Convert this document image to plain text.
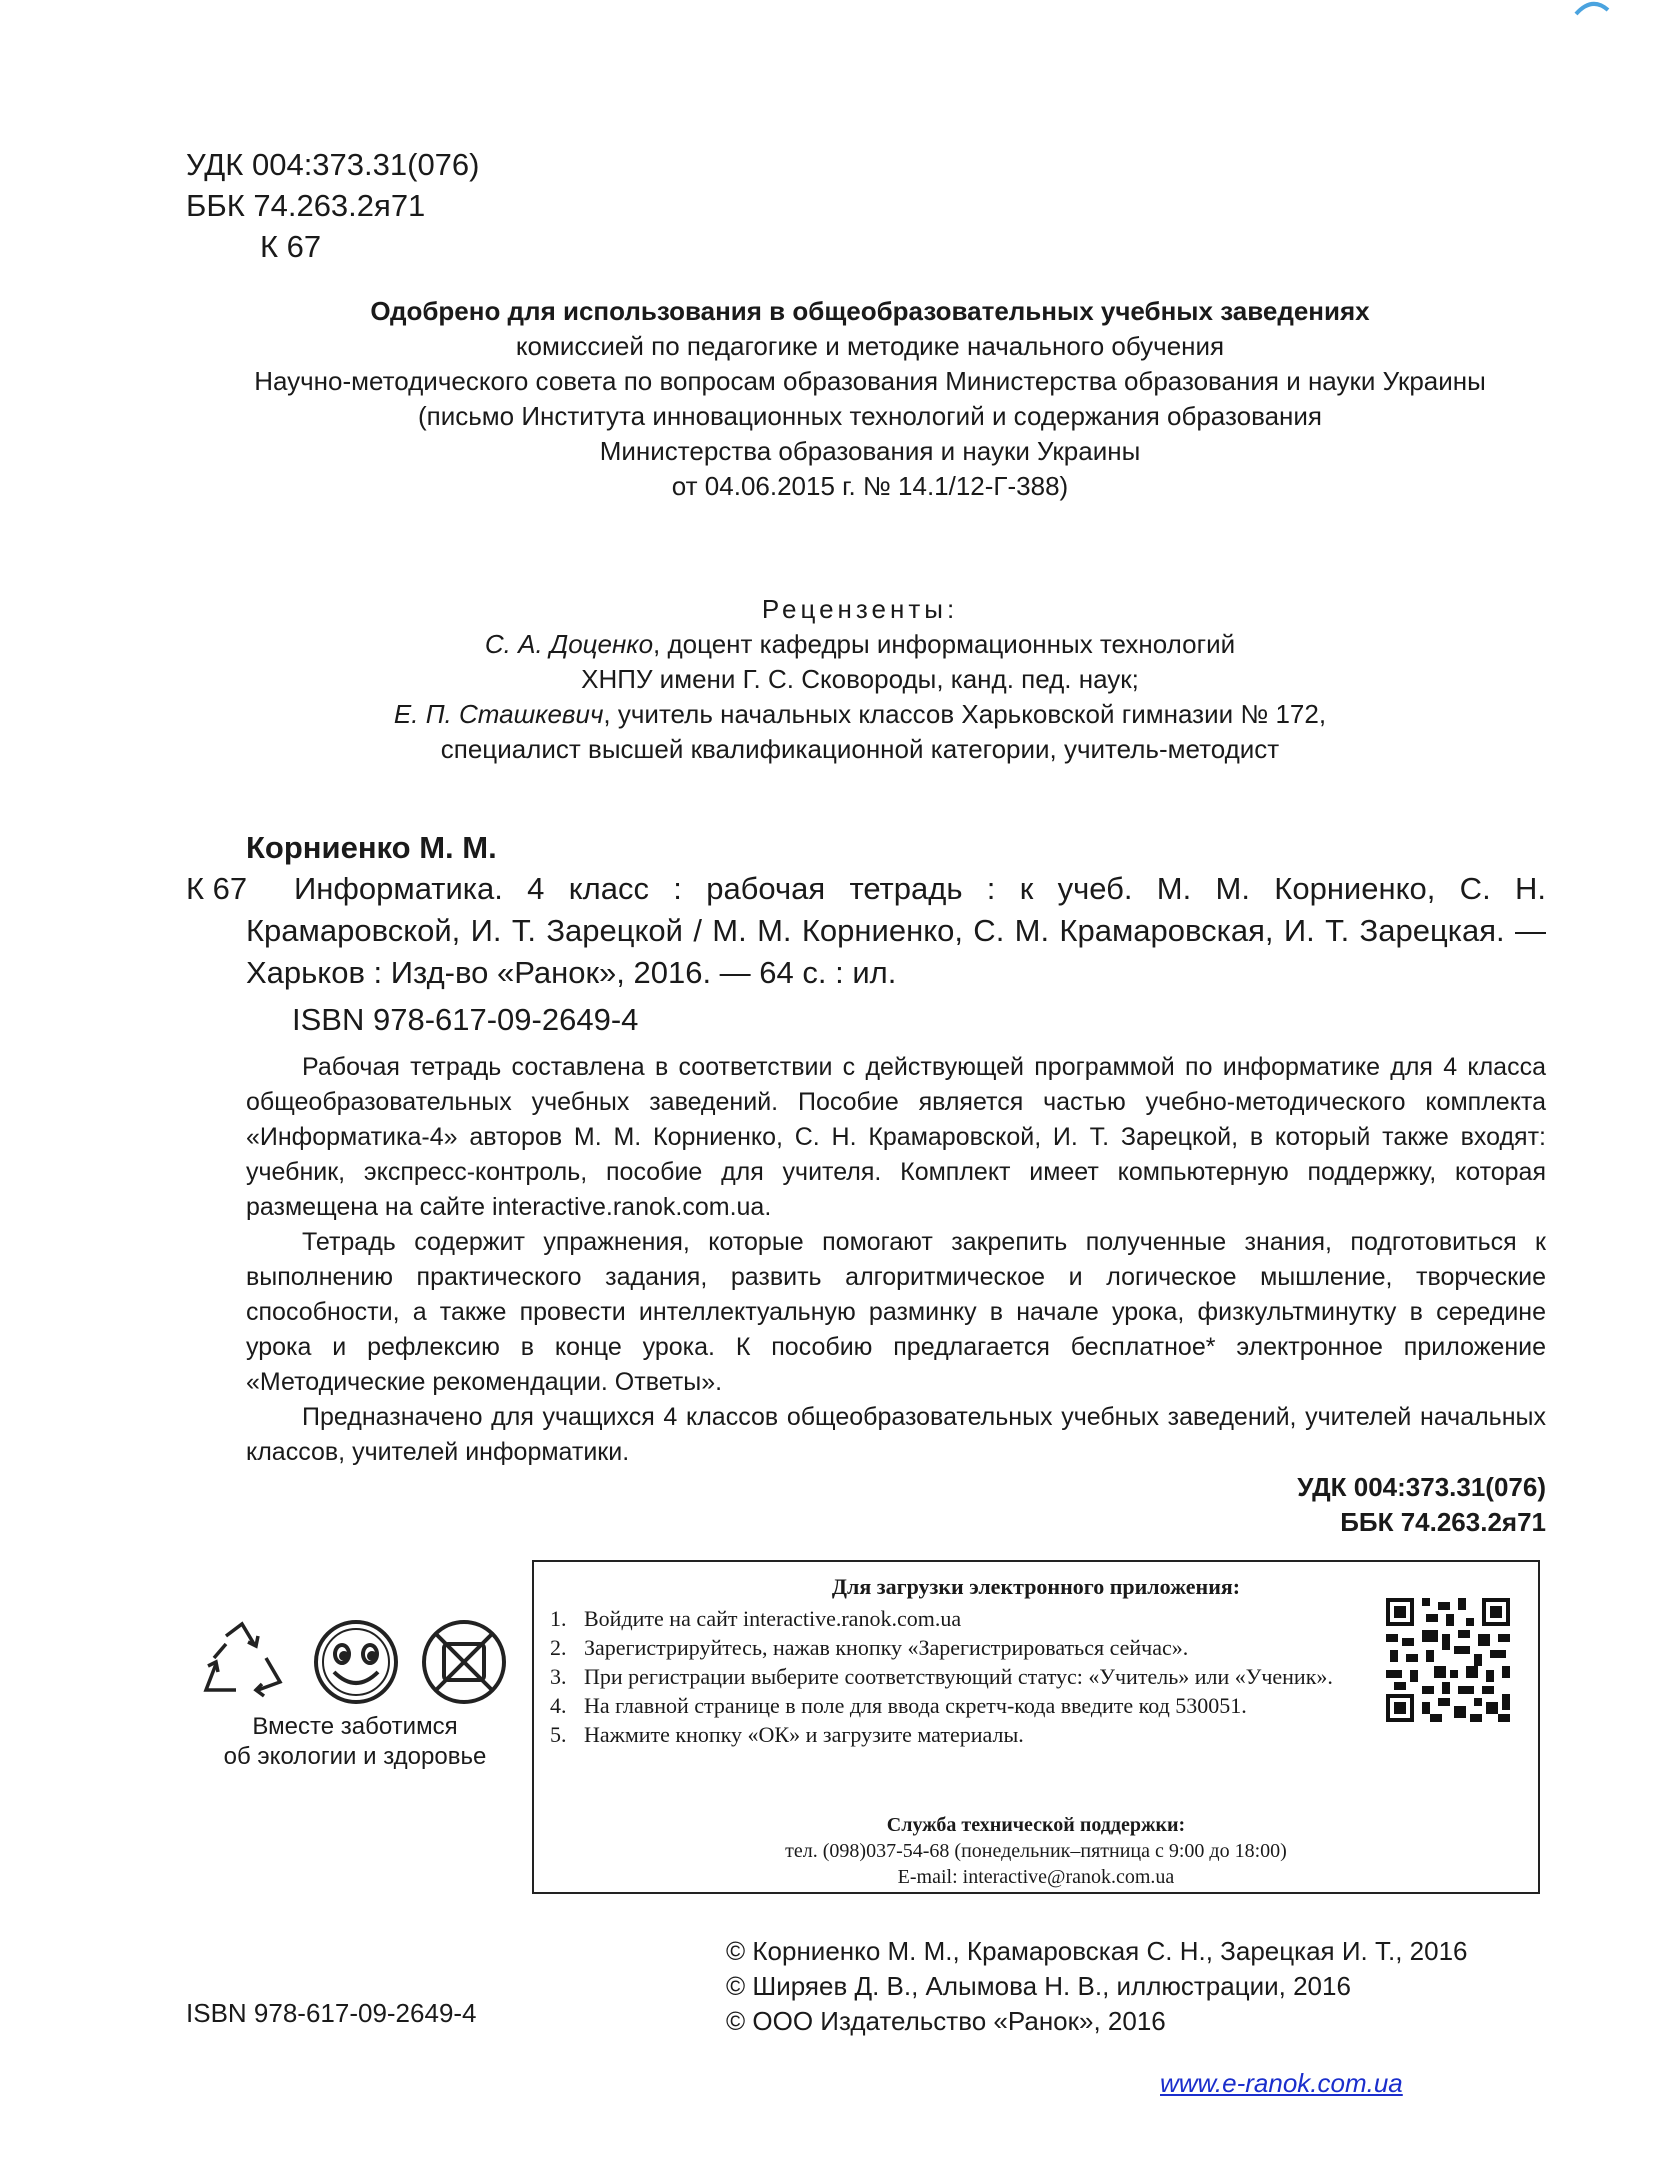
УДК 004:373.31(076)
ББК 74.263.2я71
К 67
Одобрено для использования в общеобразовательных учебных заведениях
комиссией по педагогике и методике начального обучения
Научно-методического совета по вопросам образования Министерства образования и науки Украины
(письмо Института инновационных технологий и содержания образования
Министерства образования и науки Украины
от 04.06.2015 г. № 14.1/12-Г-388)
Рецензенты:
С. А. Доценко, доцент кафедры информационных технологий
ХНПУ имени Г. С. Сковороды, канд. пед. наук;
Е. П. Сташкевич, учитель начальных классов Харьковской гимназии № 172,
специалист высшей квалификационной категории, учитель-методист
Корниенко М. М.
К 67	Информатика. 4 класс : рабочая тетрадь : к учеб. М. М. Корниенко, С. Н. Крамаровской, И. Т. Зарецкой / М. М. Корниенко, С. М. Крамаровская, И. Т. Зарецкая. — Харьков : Изд-во «Ранок», 2016. — 64 с. : ил.
ISBN 978-617-09-2649-4

Рабочая тетрадь составлена в соответствии с действующей программой по информатике для 4 класса общеобразовательных учебных заведений. Пособие является частью учебно-методического комплекта «Информатика-4» авторов М. М. Корниенко, С. Н. Крамаровской, И. Т. Зарецкой, в который также входят: учебник, экспресс-контроль, пособие для учителя. Комплект имеет компьютерную поддержку, которая размещена на сайте interactive.ranok.com.ua.

Тетрадь содержит упражнения, которые помогают закрепить полученные знания, подготовиться к выполнению практического задания, развить алгоритмическое и логическое мышление, творческие способности, а также провести интеллектуальную разминку в начале урока, физкультминутку в середине урока и рефлексию в конце урока. К пособию предлагается бесплатное* электронное приложение «Методические рекомендации. Ответы».

Предназначено для учащихся 4 классов общеобразовательных учебных заведений, учителей начальных классов, учителей информатики.

УДК 004:373.31(076)
ББК 74.263.2я71
Вместе заботимся
об экологии и здоровье
Для загрузки электронного приложения:
1. Войдите на сайт interactive.ranok.com.ua
2. Зарегистрируйтесь, нажав кнопку «Зарегистрироваться сейчас».
3. При регистрации выберите соответствующий статус: «Учитель» или «Ученик».
4. На главной странице в поле для ввода скретч-кода введите код 530051.
5. Нажмите кнопку «ОК» и загрузите материалы.
Служба технической поддержки:
тел. (098)037-54-68 (понедельник–пятница с 9:00 до 18:00)
E-mail: interactive@ranok.com.ua
© Корниенко М. М., Крамаровская С. Н., Зарецкая И. Т., 2016
© Ширяев Д. В., Алымова Н. В., иллюстрации, 2016
© ООО Издательство «Ранок», 2016
ISBN 978-617-09-2649-4
www.e-ranok.com.ua
